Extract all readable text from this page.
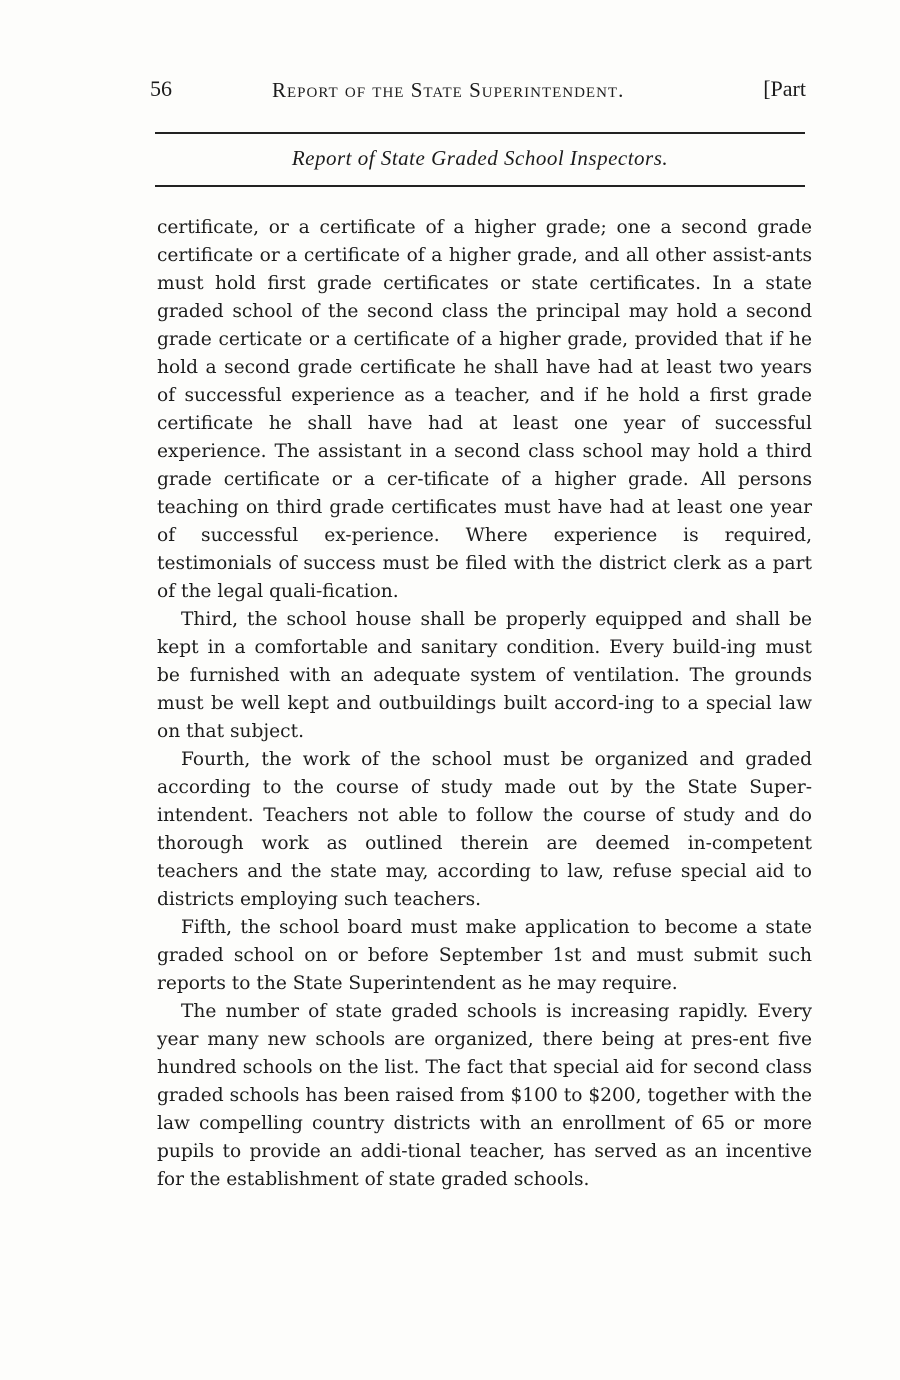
56	Report of the State Superintendent.	[Part
Report of State Graded School Inspectors.

certificate, or a certificate of a higher grade; one a second grade certificate or a certificate of a higher grade, and all other assist-ants must hold first grade certificates or state certificates. In a state graded school of the second class the principal may hold a second grade certicate or a certificate of a higher grade, provided that if he hold a second grade certificate he shall have had at least two years of successful experience as a teacher, and if he hold a first grade certificate he shall have had at least one year of successful experience. The assistant in a second class school may hold a third grade certificate or a cer-tificate of a higher grade. All persons teaching on third grade certificates must have had at least one year of successful ex-perience. Where experience is required, testimonials of success must be filed with the district clerk as a part of the legal quali-fication.

Third, the school house shall be properly equipped and shall be kept in a comfortable and sanitary condition. Every build-ing must be furnished with an adequate system of ventilation. The grounds must be well kept and outbuildings built accord-ing to a special law on that subject.

Fourth, the work of the school must be organized and graded according to the course of study made out by the State Super-intendent. Teachers not able to follow the course of study and do thorough work as outlined therein are deemed in-competent teachers and the state may, according to law, refuse special aid to districts employing such teachers.

Fifth, the school board must make application to become a state graded school on or before September 1st and must submit such reports to the State Superintendent as he may require.

The number of state graded schools is increasing rapidly. Every year many new schools are organized, there being at pres-ent five hundred schools on the list. The fact that special aid for second class graded schools has been raised from $100 to $200, together with the law compelling country districts with an enrollment of 65 or more pupils to provide an addi-tional teacher, has served as an incentive for the establishment of state graded schools.
